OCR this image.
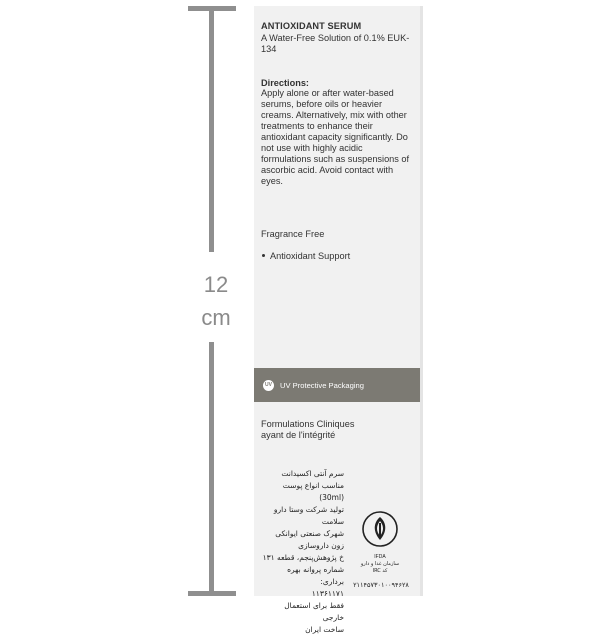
12
cm
ANTIOXIDANT SERUM
A Water-Free Solution of 0.1% EUK-134
Directions:
Apply alone or after water-based serums, before oils or heavier creams. Alternatively, mix with other treatments to enhance their antioxidant capacity significantly. Do not use with highly acidic formulations such as suspensions of ascorbic acid. Avoid contact with eyes.
Fragrance Free
Antioxidant Support
UV UV Protective Packaging
Formulations Cliniques
ayant de l'intégrité
سرم آنتی اکسیدانت
مناسب انواع پوست (30ml)
تولید شرکت وستا دارو سلامت
شهرک صنعتی ایوانکی
زون داروسازی
خ پژوهش‌پنجم، قطعه ۱۳۱
شماره پروانه بهره برداری:
۱۱۳۶۱۱۷۱
فقط برای استعمال خارجی
ساخت ایران
IFDA
سازمان غذا و دارو
IRC کد
۲۱۱۴۵۷۳۰۱۰۰۹۴۶۲۸
